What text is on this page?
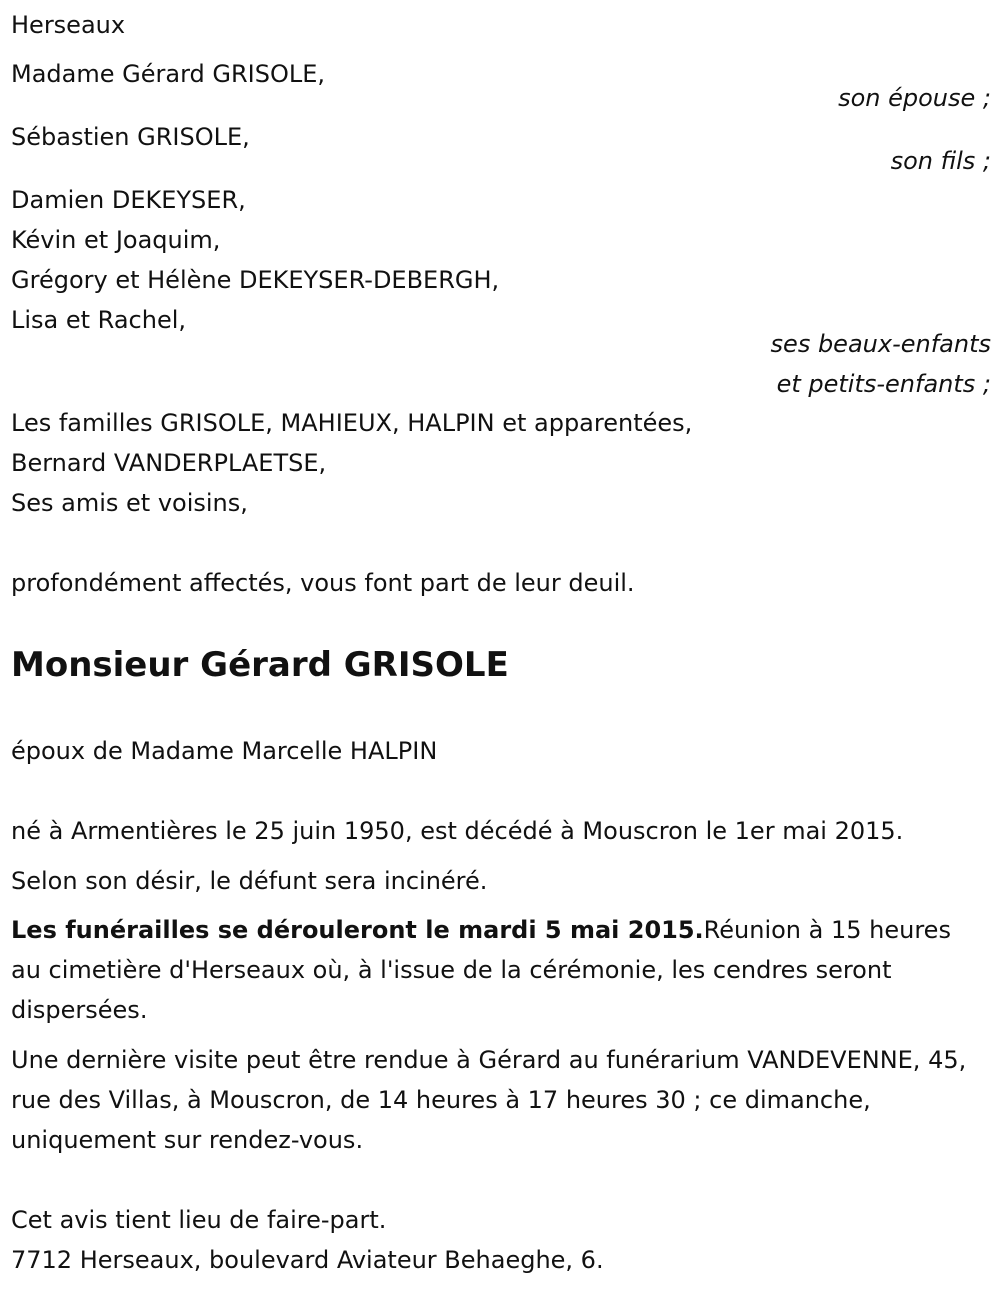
Herseaux
Madame Gérard GRISOLE,
son épouse ;
Sébastien GRISOLE,
son fils ;
Damien DEKEYSER,
Kévin et Joaquim,
Grégory et Hélène DEKEYSER-DEBERGH,
Lisa et Rachel,
ses beaux-enfants
et petits-enfants ;
Les familles GRISOLE, MAHIEUX, HALPIN et apparentées,
Bernard VANDERPLAETSE,
Ses amis et voisins,
profondément affectés, vous font part de leur deuil.
Monsieur Gérard GRISOLE
époux de Madame Marcelle HALPIN
né à Armentières le 25 juin 1950, est décédé à Mouscron le 1er mai 2015.
Selon son désir, le défunt sera incinéré.
Les funérailles se dérouleront le mardi 5 mai 2015.Réunion à 15 heures au cimetière d'Herseaux où, à l'issue de la cérémonie, les cendres seront dispersées.
Une dernière visite peut être rendue à Gérard au funérarium VANDEVENNE, 45, rue des Villas, à Mouscron, de 14 heures à 17 heures 30 ; ce dimanche, uniquement sur rendez-vous.
Cet avis tient lieu de faire-part.
7712 Herseaux, boulevard Aviateur Behaeghe, 6.
